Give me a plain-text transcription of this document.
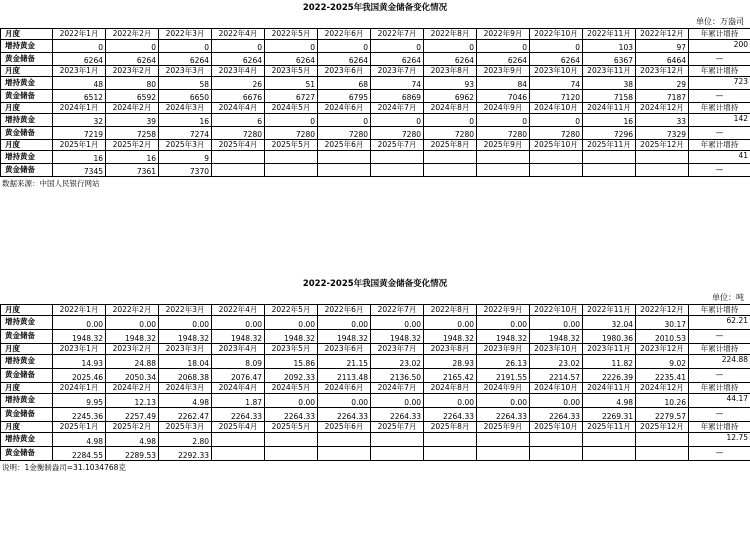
2022-2025年我国黄金储备变化情况
单位：万盎司
月度	2022年1月	2022年2月	2022年3月	2022年4月	2022年5月	2022年6月	2022年7月	2022年8月	2022年9月	2022年10月	2022年11月	2022年12月	年累计增持
增持黄金	0	0	0	0	0	0	0	0	0	0	103	97	200
黄金储备	6264	6264	6264	6264	6264	6264	6264	6264	6264	6264	6367	6464	—
月度	2023年1月	2023年2月	2023年3月	2023年4月	2023年5月	2023年6月	2023年7月	2023年8月	2023年9月	2023年10月	2023年11月	2023年12月	年累计增持
增持黄金	48	80	58	26	51	68	74	93	84	74	38	29	723
黄金储备	6512	6592	6650	6676	6727	6795	6869	6962	7046	7120	7158	7187	—
月度	2024年1月	2024年2月	2024年3月	2024年4月	2024年5月	2024年6月	2024年7月	2024年8月	2024年9月	2024年10月	2024年11月	2024年12月	年累计增持
增持黄金	32	39	16	6	0	0	0	0	0	0	16	33	142
黄金储备	7219	7258	7274	7280	7280	7280	7280	7280	7280	7280	7296	7329	—
月度	2025年1月	2025年2月	2025年3月	2025年4月	2025年5月	2025年6月	2025年7月	2025年8月	2025年9月	2025年10月	2025年11月	2025年12月	年累计增持
增持黄金	16	16	9										41
黄金储备	7345	7361	7370										—
数据来源：中国人民银行网站
2022-2025年我国黄金储备变化情况
单位：吨
月度	2022年1月	2022年2月	2022年3月	2022年4月	2022年5月	2022年6月	2022年7月	2022年8月	2022年9月	2022年10月	2022年11月	2022年12月	年累计增持
增持黄金	0.00	0.00	0.00	0.00	0.00	0.00	0.00	0.00	0.00	0.00	32.04	30.17	62.21
黄金储备	1948.32	1948.32	1948.32	1948.32	1948.32	1948.32	1948.32	1948.32	1948.32	1948.32	1980.36	2010.53	—
月度	2023年1月	2023年2月	2023年3月	2023年4月	2023年5月	2023年6月	2023年7月	2023年8月	2023年9月	2023年10月	2023年11月	2023年12月	年累计增持
增持黄金	14.93	24.88	18.04	8.09	15.86	21.15	23.02	28.93	26.13	23.02	11.82	9.02	224.88
黄金储备	2025.46	2050.34	2068.38	2076.47	2092.33	2113.48	2136.50	2165.42	2191.55	2214.57	2226.39	2235.41	—
月度	2024年1月	2024年2月	2024年3月	2024年4月	2024年5月	2024年6月	2024年7月	2024年8月	2024年9月	2024年10月	2024年11月	2024年12月	年累计增持
增持黄金	9.95	12.13	4.98	1.87	0.00	0.00	0.00	0.00	0.00	0.00	4.98	10.26	44.17
黄金储备	2245.36	2257.49	2262.47	2264.33	2264.33	2264.33	2264.33	2264.33	2264.33	2264.33	2269.31	2279.57	—
月度	2025年1月	2025年2月	2025年3月	2025年4月	2025年5月	2025年6月	2025年7月	2025年8月	2025年9月	2025年10月	2025年11月	2025年12月	年累计增持
增持黄金	4.98	4.98	2.80										12.75
黄金储备	2284.55	2289.53	2292.33										—
说明：1金衡制盎司=31.1034768克
